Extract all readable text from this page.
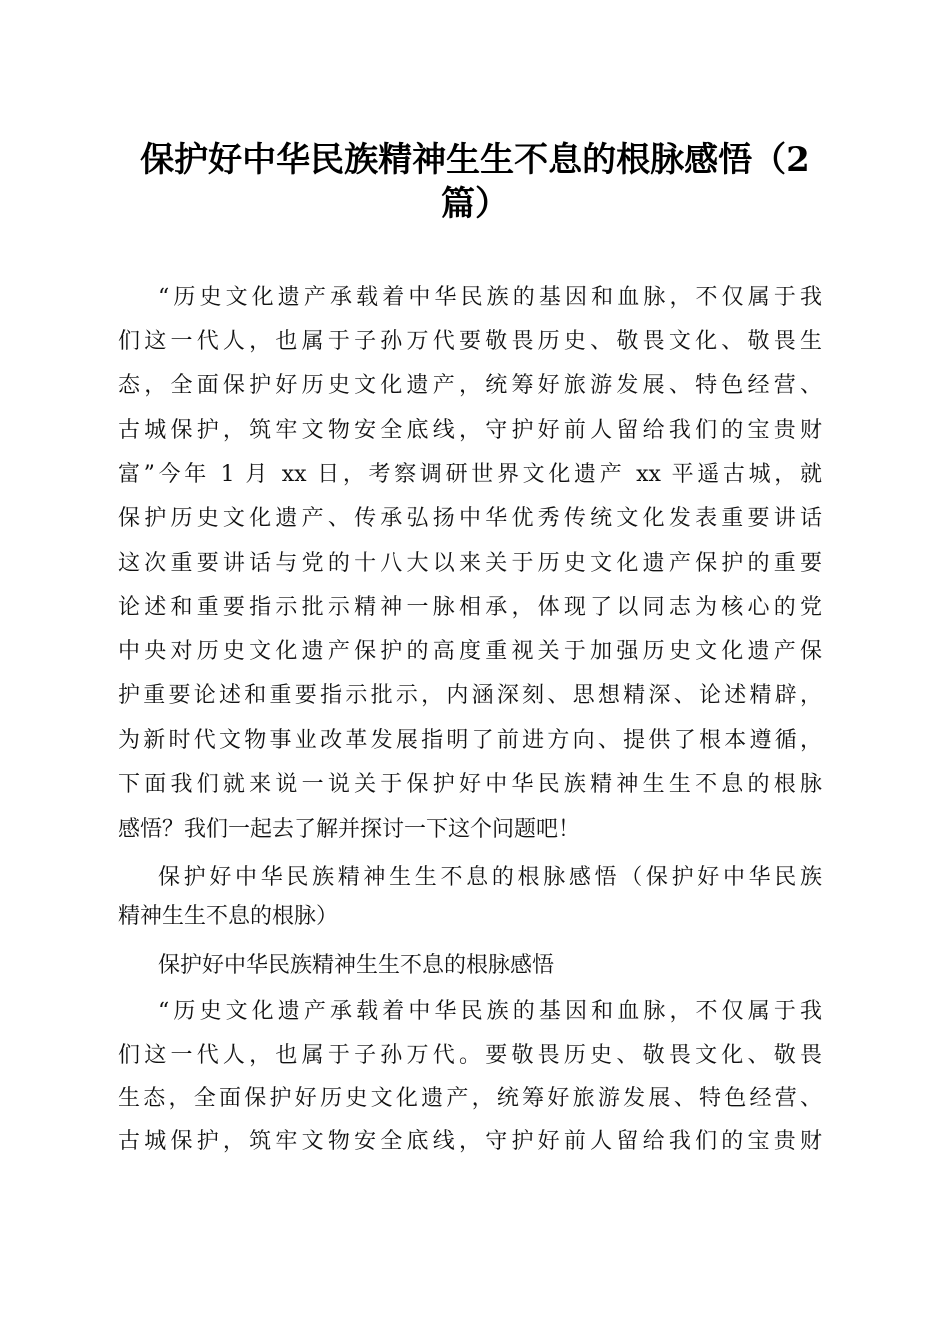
保护好中华民族精神生生不息的根脉感悟（2
篇）
“历史文化遗产承载着中华民族的基因和血脉，不仅属于我
们这一代人，也属于子孙万代要敬畏历史、敬畏文化、敬畏生
态，全面保护好历史文化遗产，统筹好旅游发展、特色经营、
古城保护，筑牢文物安全底线，守护好前人留给我们的宝贵财
富”今年 1 月 xx 日，考察调研世界文化遗产 xx 平遥古城，就
保护历史文化遗产、传承弘扬中华优秀传统文化发表重要讲话
这次重要讲话与党的十八大以来关于历史文化遗产保护的重要
论述和重要指示批示精神一脉相承，体现了以同志为核心的党
中央对历史文化遗产保护的高度重视关于加强历史文化遗产保
护重要论述和重要指示批示，内涵深刻、思想精深、论述精辟，
为新时代文物事业改革发展指明了前进方向、提供了根本遵循，
下面我们就来说一说关于保护好中华民族精神生生不息的根脉
感悟？我们一起去了解并探讨一下这个问题吧！
保护好中华民族精神生生不息的根脉感悟（保护好中华民族
精神生生不息的根脉）
保护好中华民族精神生生不息的根脉感悟
“历史文化遗产承载着中华民族的基因和血脉，不仅属于我
们这一代人，也属于子孙万代。要敬畏历史、敬畏文化、敬畏
生态，全面保护好历史文化遗产，统筹好旅游发展、特色经营、
古城保护，筑牢文物安全底线，守护好前人留给我们的宝贵财
